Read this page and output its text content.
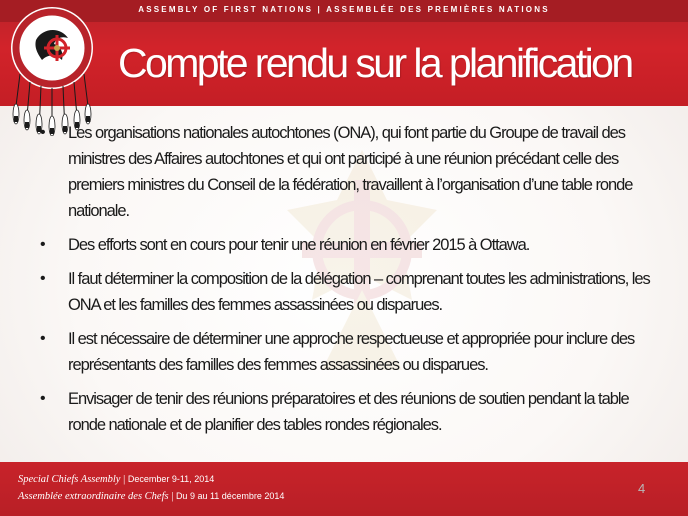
ASSEMBLY OF FIRST NATIONS | ASSEMBLÉE DES PREMIÈRES NATIONS
Compte rendu sur la planification
• Les organisations nationales autochtones (ONA), qui font partie du Groupe de travail des ministres des Affaires autochtones et qui ont participé à une réunion précédant celle des premiers ministres du Conseil de la fédération, travaillent à l’organisation d’une table ronde nationale.
• Des efforts sont en cours pour tenir une réunion en février 2015 à Ottawa.
• Il faut déterminer la composition de la délégation – comprenant toutes les administrations, les ONA et les familles des femmes assassinées ou disparues.
• Il est nécessaire de déterminer une approche respectueuse et appropriée pour inclure des représentants des familles des femmes assassinées ou disparues.
• Envisager de tenir des réunions préparatoires et des réunions de soutien pendant la table ronde nationale et de planifier des tables rondes régionales.
Special Chiefs Assembly | December 9-11, 2014
Assemblée extraordinaire des Chefs | Du 9 au 11 décembre 2014	4
